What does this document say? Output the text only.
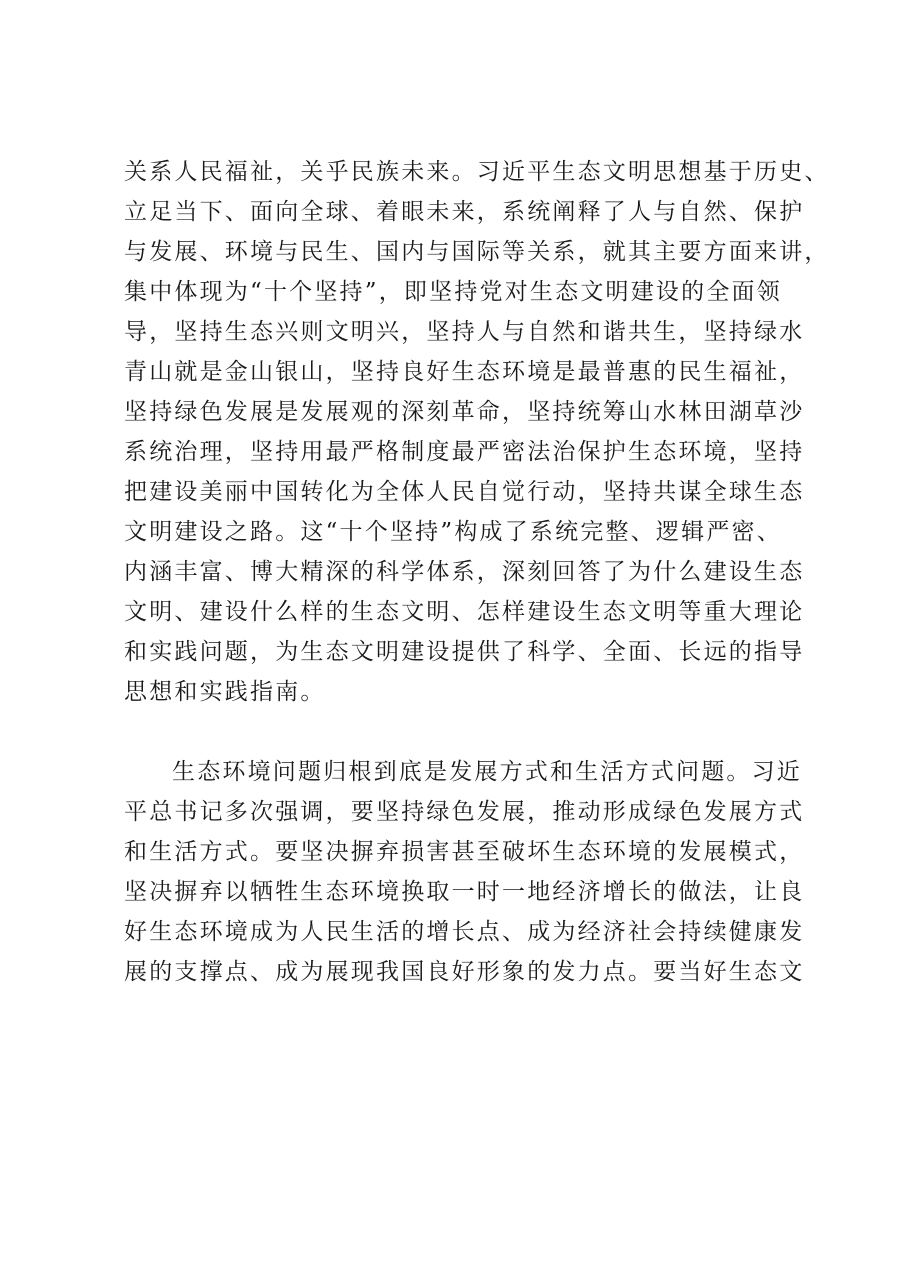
关系人民福祉，关乎民族未来。习近平生态文明思想基于历史、
立足当下、面向全球、着眼未来，系统阐释了人与自然、保护
与发展、环境与民生、国内与国际等关系，就其主要方面来讲，
集中体现为“十个坚持”，即坚持党对生态文明建设的全面领
导，坚持生态兴则文明兴，坚持人与自然和谐共生，坚持绿水
青山就是金山银山，坚持良好生态环境是最普惠的民生福祉，
坚持绿色发展是发展观的深刻革命，坚持统筹山水林田湖草沙
系统治理，坚持用最严格制度最严密法治保护生态环境，坚持
把建设美丽中国转化为全体人民自觉行动，坚持共谋全球生态
文明建设之路。这“十个坚持”构成了系统完整、逻辑严密、
内涵丰富、博大精深的科学体系，深刻回答了为什么建设生态
文明、建设什么样的生态文明、怎样建设生态文明等重大理论
和实践问题，为生态文明建设提供了科学、全面、长远的指导
思想和实践指南。
生态环境问题归根到底是发展方式和生活方式问题。习近
平总书记多次强调，要坚持绿色发展，推动形成绿色发展方式
和生活方式。要坚决摒弃损害甚至破坏生态环境的发展模式，
坚决摒弃以牺牲生态环境换取一时一地经济增长的做法，让良
好生态环境成为人民生活的增长点、成为经济社会持续健康发
展的支撑点、成为展现我国良好形象的发力点。要当好生态文
